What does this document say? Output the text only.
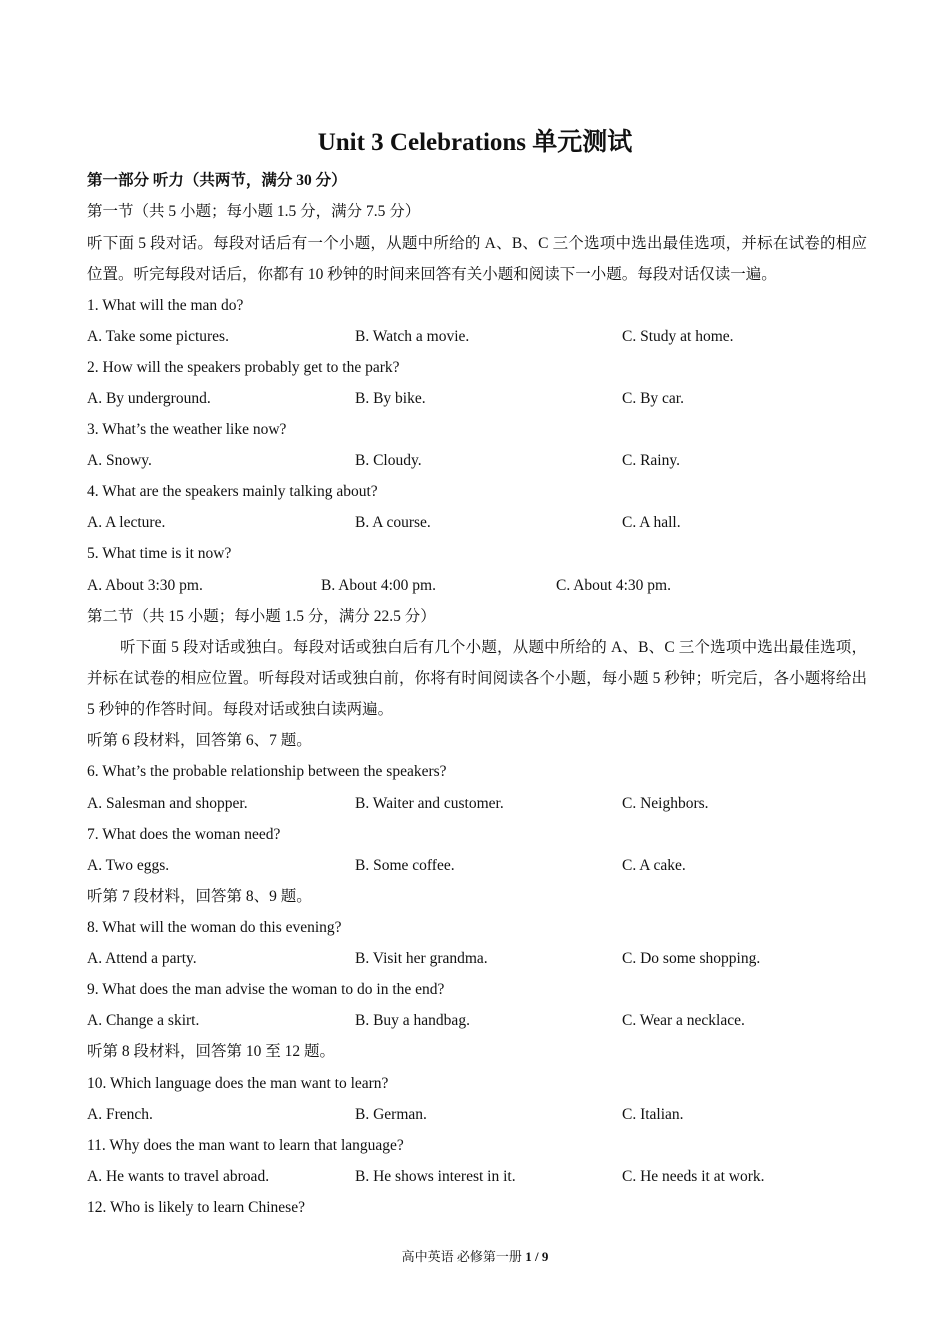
Unit 3 Celebrations 单元测试
第一部分 听力（共两节，满分 30 分）
第一节（共 5 小题；每小题 1.5 分，满分 7.5 分）

听下面 5 段对话。每段对话后有一个小题，从题中所给的 A、B、C 三个选项中选出最佳选项，并标在试卷的相应位置。听完每段对话后，你都有 10 秒钟的时间来回答有关小题和阅读下一小题。每段对话仅读一遍。

1. What will the man do?
A. Take some pictures.	B. Watch a movie.	C. Study at home.
2. How will the speakers probably get to the park?
A. By underground.	B. By bike.	C. By car.
3. What’s the weather like now?
A. Snowy.	B. Cloudy.	C. Rainy.
4. What are the speakers mainly talking about?
A. A lecture.	B. A course.	C. A hall.
5. What time is it now?
A. About 3:30 pm.	B. About 4:00 pm.	C. About 4:30 pm.
第二节（共 15 小题；每小题 1.5 分，满分 22.5 分）

听下面 5 段对话或独白。每段对话或独白后有几个小题，从题中所给的 A、B、C 三个选项中选出最佳选项，并标在试卷的相应位置。听每段对话或独白前，你将有时间阅读各个小题，每小题 5 秒钟；听完后，各小题将给出 5 秒钟的作答时间。每段对话或独白读两遍。

听第 6 段材料，回答第 6、7 题。
6. What’s the probable relationship between the speakers?
A. Salesman and shopper.	B. Waiter and customer.	C. Neighbors.
7. What does the woman need?
A. Two eggs.	B. Some coffee.	C. A cake.
听第 7 段材料，回答第 8、9 题。
8. What will the woman do this evening?
A. Attend a party.	B. Visit her grandma.	C. Do some shopping.
9. What does the man advise the woman to do in the end?
A. Change a skirt.	B. Buy a handbag.	C. Wear a necklace.
听第 8 段材料，回答第 10 至 12 题。
10. Which language does the man want to learn?
A. French.	B. German.	C. Italian.
11. Why does the man want to learn that language?
A. He wants to travel abroad.	B. He shows interest in it.	C. He needs it at work.
12. Who is likely to learn Chinese?
高中英语 必修第一册 1 / 9
